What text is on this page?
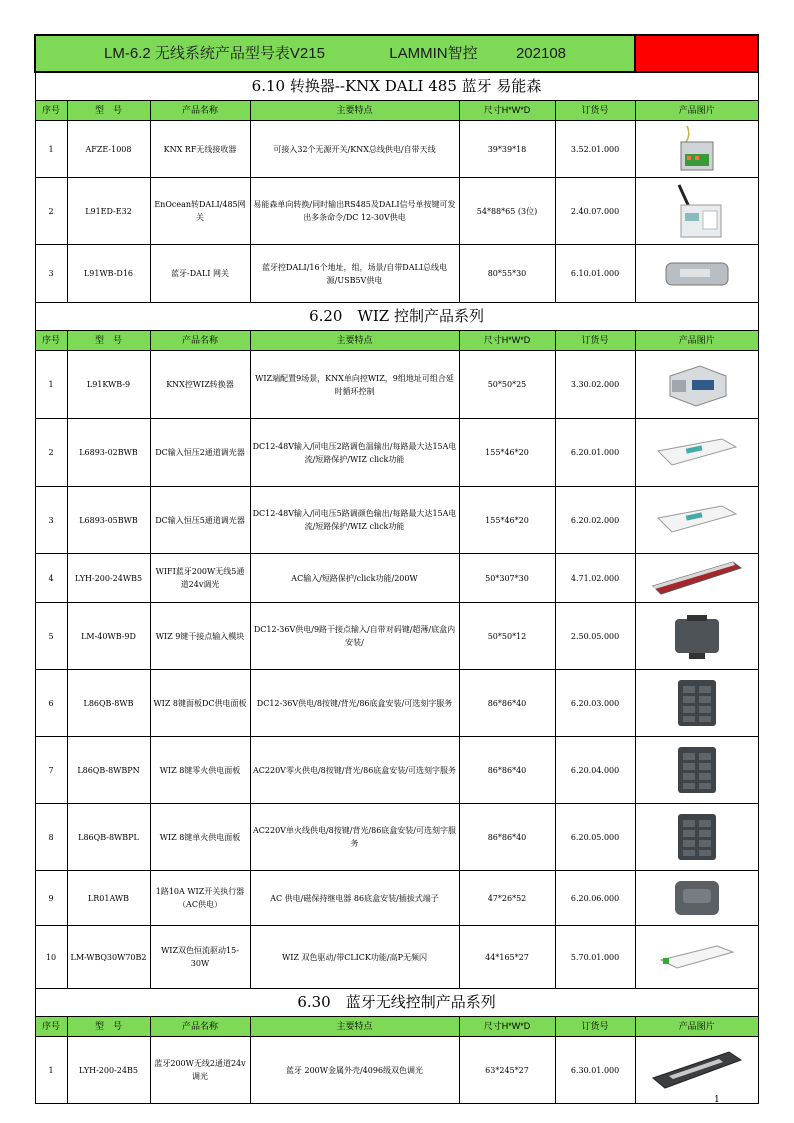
LM-6.2 无线系统产品型号表V215 LAMMIN智控 202108						
6.10 转换器--KNX DALI 485 蓝牙 易能森						
序号	型　号	产品名称	主要特点	尺寸H*W*D	订货号	产品图片
1	AFZE-1008	KNX RF无线接收器	可接入32个无源开关/KNX总线供电/自带天线	39*39*18	3.52.01.000	

2	L91ED-E32	EnOcean转DALI/485网关	易能森单向转换/同时输出RS485及DALI信号单按键可发出多条命令/DC 12-30V供电	54*88*65 (3位)	2.40.07.000	

3	L91WB-D16	蓝牙-DALI 网关	蓝牙控DALI/16个地址，组，场景/自带DALI总线电源/USB5V供电	80*55*30	6.10.01.000	

6.20　WIZ 控制产品系列						
序号	型　号	产品名称	主要特点	尺寸H*W*D	订货号	产品图片
1	L91KWB-9	KNX控WIZ转换器	WIZ端配置9场景，KNX单向控WIZ，9组地址可组合延时循环控制	50*50*25	3.30.02.000	

2	L6893-02BWB	DC输入恒压2通道调光器	DC12-48V输入/同电压2路调色温输出/每路最大达15A电流/短路保护/WIZ click功能	155*46*20	6.20.01.000	

3	L6893-05BWB	DC输入恒压5通道调光器	DC12-48V输入/同电压5路调颜色输出/每路最大达15A电流/短路保护/WIZ click功能	155*46*20	6.20.02.000	

4	LYH-200-24WB5	WIFI蓝牙200W无线5通道24v调光	AC输入/短路保护/click功能/200W	50*307*30	4.71.02.000	

5	LM-40WB-9D	WIZ 9键干接点输入模块	DC12-36V供电/9路干接点输入/自带对码键/超薄/底盒内安装/	50*50*12	2.50.05.000	

6	L86QB-8WB	WIZ 8键面板DC供电面板	DC12-36V供电/8按键/背光/86底盒安装/可选刻字服务	86*86*40	6.20.03.000	

7	L86QB-8WBPN	WIZ 8键零火供电面板	AC220V零火供电/8按键/背光/86底盒安装/可选刻字服务	86*86*40	6.20.04.000	

8	L86QB-8WBPL	WIZ 8键单火供电面板	AC220V单火线供电/8按键/背光/86底盒安装/可选刻字服务	86*86*40	6.20.05.000	

9	LR01AWB	1路10A WIZ开关执行器（AC供电）	AC 供电/磁保持继电器 86底盒安装/插拔式端子	47*26*52	6.20.06.000	

10	LM-WBQ30W70B2	WIZ双色恒流驱动15-30W	WIZ 双色驱动/带CLICK功能/高P无频闪	44*165*27	5.70.01.000	

6.30　蓝牙无线控制产品系列						
序号	型　号	产品名称	主要特点	尺寸H*W*D	订货号	产品图片
1	LYH-200-24B5	蓝牙200W无线2通道24v调光	蓝牙 200W金属外壳/4096级双色调光	63*245*27	6.30.01.000	
1
